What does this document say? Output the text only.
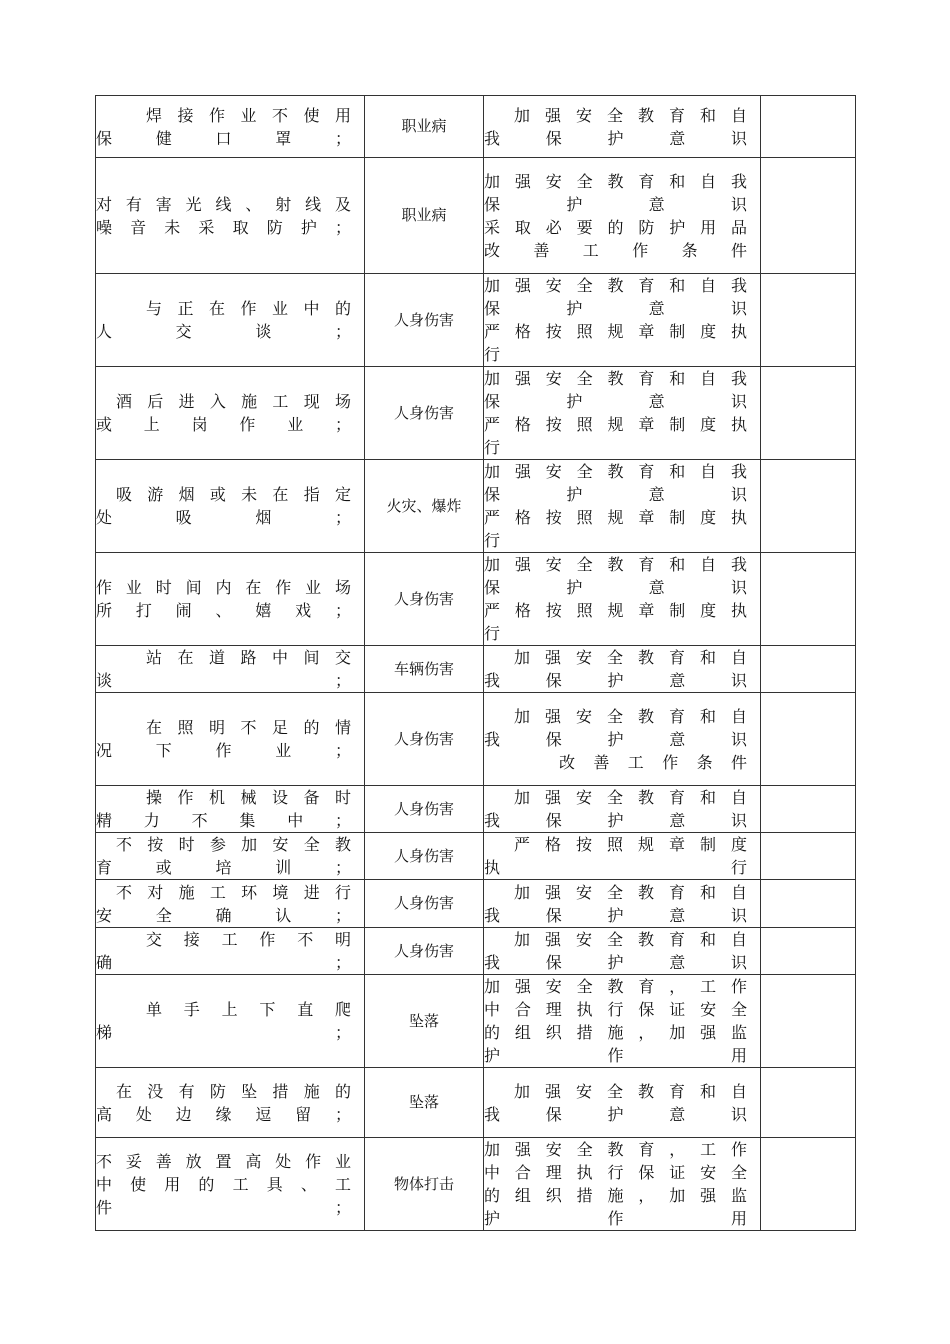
焊接作业不使用保健口罩；	职业病	加强安全教育和自我保护意识	

对有害光线、射线及噪音未采取防护；	职业病	加强安全教育和自我保护意识
采取必要的防护用品
改善工作条件	

与正在作业中的人交谈；	人身伤害	加强安全教育和自我保护意识
严格按照规章制度执行	

酒后进入施工现场或上岗作业；	人身伤害	加强安全教育和自我保护意识
严格按照规章制度执行	

吸游烟或未在指定处吸烟；	火灾、爆炸	加强安全教育和自我保护意识
严格按照规章制度执行	

作业时间内在作业场所打闹、嬉戏；	人身伤害	加强安全教育和自我保护意识
严格按照规章制度执行	

站在道路中间交谈；	车辆伤害	加强安全教育和自我保护意识	

在照明不足的情况下作业；	人身伤害	加强安全教育和自我保护意识
改善工作条件	

操作机械设备时精力不集中；	人身伤害	加强安全教育和自我保护意识	

不按时参加安全教育或培训；	人身伤害	严格按照规章制度执行	

不对施工环境进行安全确认；	人身伤害	加强安全教育和自我保护意识	

交接工作不明确；	人身伤害	加强安全教育和自我保护意识	

单手上下直爬梯；	坠落	加强安全教育，工作中合理执行保证安全的组织措施，加强监护作用	

在没有防坠措施的高处边缘逗留；	坠落	加强安全教育和自我保护意识	

不妥善放置高处作业中使用的工具、工件；	物体打击	加强安全教育，工作中合理执行保证安全的组织措施，加强监护作用	
